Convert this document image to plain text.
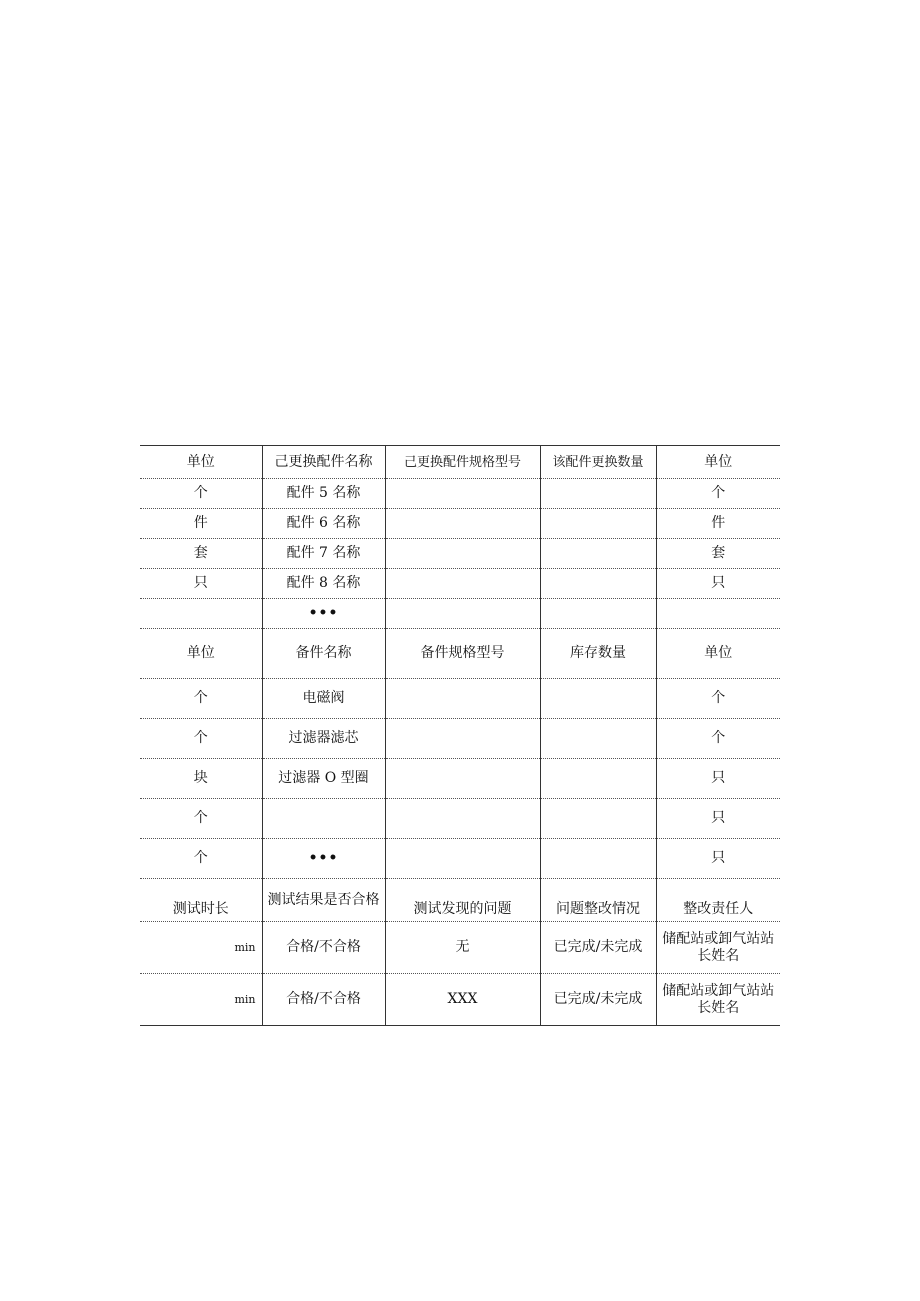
单位	己更换配件名称	己更换配件规格型号	该配件更换数量	单位
个	配件 5 名称			个
件	配件 6 名称			件
套	配件 7 名称			套
只	配件 8 名称			只
	•••			
单位	备件名称	备件规格型号	库存数量	单位
个	电磁阀			个
个	过滤器滤芯			个
块	过滤器 O 型圈			只
个				只
个	•••			只
测试时长	测试结果是否合格	测试发现的问题	问题整改情况	整改责任人
min	合格/不合格	无	已完成/未完成	储配站或卸气站站长姓名
min	合格/不合格	XXX	已完成/未完成	储配站或卸气站站长姓名
